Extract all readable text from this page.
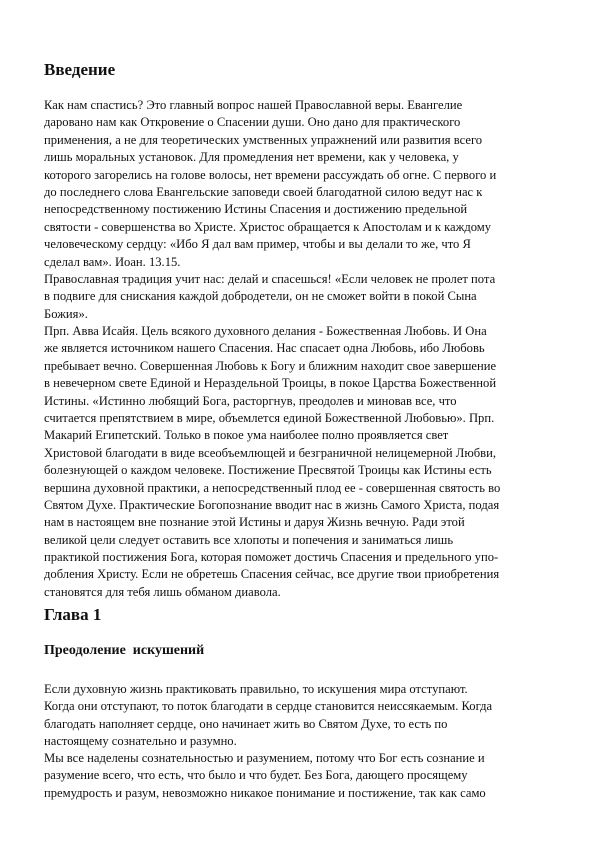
Введение
Как нам спастись? Это главный вопрос нашей Православной веры. Евангелие
даровано нам как Откровение о Спасении души. Оно дано для практического
применения, а не для теоретических умственных упражнений или развития всего
лишь моральных установок. Для промедления нет времени, как у человека, у
которого загорелись на голове волосы, нет времени рассуждать об огне. С первого и
до последнего слова Евангельские заповеди своей благодатной силою ведут нас к
непосредственному постижению Истины Спасения и достижению предельной
святости - совершенства во Христе. Христос обращается к Апостолам и к каждому
человеческому сердцу: «Ибо Я дал вам пример, чтобы и вы делали то же, что Я
сделал вам». Иоан. 13.15.
Православная традиция учит нас: делай и спасешься! «Если человек не пролет пота
в подвиге для снискания каждой добродетели, он не сможет войти в покой Сына
Божия».
Прп. Авва Исайя. Цель всякого духовного делания - Божественная Любовь. И Она
же является источником нашего Спасения. Нас спасает одна Любовь, ибо Любовь
пребывает вечно. Совершенная Любовь к Богу и ближним находит свое завершение
в невечерном свете Единой и Нераздельной Троицы, в покое Царства Божественной
Истины. «Истинно любящий Бога, расторгнув, преодолев и миновав все, что
считается препятствием в мире, объемлется единой Божественной Любовью». Прп.
Макарий Египетский. Только в покое ума наиболее полно проявляется свет
Христовой благодати в виде всеобъемлющей и безграничной нелицемерной Любви,
болезнующей о каждом человеке. Постижение Пресвятой Троицы как Истины есть
вершина духовной практики, а непосредственный плод ее - совершенная святость во
Святом Духе. Практические Богопознание вводит нас в жизнь Самого Христа, подая
нам в настоящем вне познание этой Истины и даруя Жизнь вечную. Ради этой
великой цели следует оставить все хлопоты и попечения и заниматься лишь
практикой постижения Бога, которая поможет достичь Спасения и предельного упо-
добления Христу. Если не обретешь Спасения сейчас, все другие твои приобретения
становятся для тебя лишь обманом диавола.
Глава 1
Преодоление  искушений
Если духовную жизнь практиковать правильно, то искушения мира отступают.
Когда они отступают, то поток благодати в сердце становится неиссякаемым. Когда
благодать наполняет сердце, оно начинает жить во Святом Духе, то есть по
настоящему сознательно и разумно.
Мы все наделены сознательностью и разумением, потому что Бог есть сознание и
разумение всего, что есть, что было и что будет. Без Бога, дающего просящему
премудрость и разум, невозможно никакое понимание и постижение, так как само
